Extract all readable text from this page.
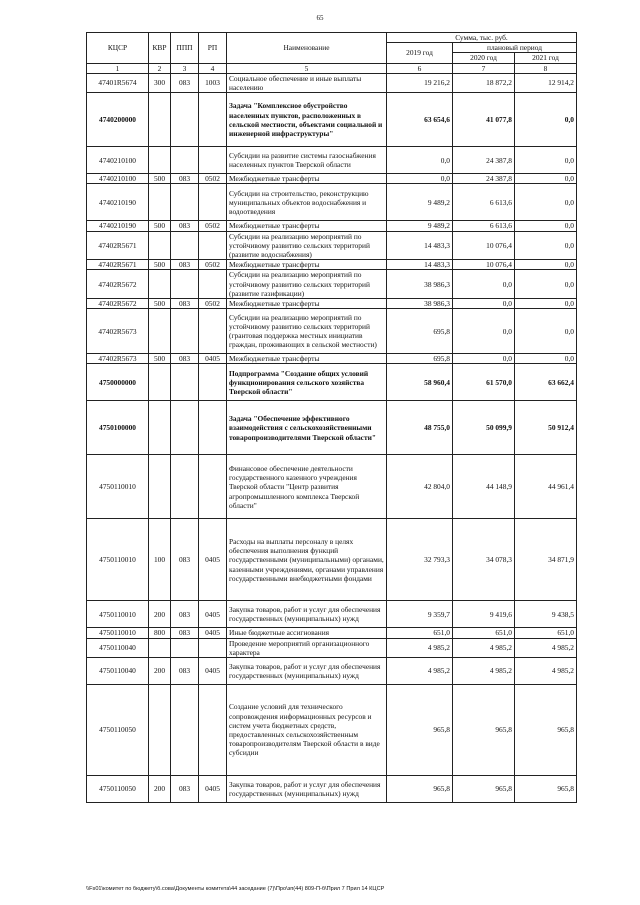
65
КЦСР	КВР	ППП	РП	Наименование	Сумма, тыс. руб.		
					2019 год	плановый период	
						2020 год	2021 год
1	2	3	4	5	6	7	8
47401R5674	300	083	1003	Социальное обеспечение и иные выплаты населению	19 216,2	18 872,2	12 914,2
4740200000				Задача "Комплексное обустройство населенных пунктов, расположенных в сельской местности, объектами социальной и инженерной инфраструктуры"	63 654,6	41 077,8	0,0
4740210100				Субсидии на развитие системы газоснабжения населенных пунктов Тверской области	0,0	24 387,8	0,0
4740210100	500	083	0502	Межбюджетные трансферты	0,0	24 387,8	0,0
4740210190				Субсидии на строительство, реконструкцию муниципальных объектов водоснабжения и водоотведения	9 489,2	6 613,6	0,0
4740210190	500	083	0502	Межбюджетные трансферты	9 489,2	6 613,6	0,0
47402R5671				Субсидии на реализацию мероприятий по устойчивому развитию сельских территорий (развитие водоснабжения)	14 483,3	10 076,4	0,0
47402R5671	500	083	0502	Межбюджетные трансферты	14 483,3	10 076,4	0,0
47402R5672				Субсидии на реализацию мероприятий по устойчивому развитию сельских территорий (развитие газификации)	38 986,3	0,0	0,0
47402R5672	500	083	0502	Межбюджетные трансферты	38 986,3	0,0	0,0
47402R5673				Субсидии на реализацию мероприятий по устойчивому развитию сельских территорий (грантовая поддержка местных инициатив граждан, проживающих в сельской местности)	695,8	0,0	0,0
47402R5673	500	083	0405	Межбюджетные трансферты	695,8	0,0	0,0
4750000000				Подпрограмма "Создание общих условий функционирования сельского хозяйства Тверской области"	58 960,4	61 570,0	63 662,4
4750100000				Задача "Обеспечение эффективного взаимодействия с сельскохозяйственными товаропроизводителями Тверской области"	48 755,0	50 099,9	50 912,4
4750110010				Финансовое обеспечение деятельности государственного казенного учреждения Тверской области "Центр развития агропромышленного комплекса Тверской области"	42 804,0	44 148,9	44 961,4
4750110010	100	083	0405	Расходы на выплаты персоналу в целях обеспечения выполнения функций государственными (муниципальными) органами, казенными учреждениями, органами управления государственными внебюджетными фондами	32 793,3	34 078,3	34 871,9
4750110010	200	083	0405	Закупка товаров, работ и услуг для обеспечения государственных (муниципальных) нужд	9 359,7	9 419,6	9 438,5
4750110010	800	083	0405	Иные бюджетные ассигнования	651,0	651,0	651,0
4750110040				Проведение мероприятий организационного характера	4 985,2	4 985,2	4 985,2
4750110040	200	083	0405	Закупка товаров, работ и услуг для обеспечения государственных (муниципальных) нужд	4 985,2	4 985,2	4 985,2
4750110050				Создание условий для технического сопровождения информационных ресурсов и систем учета бюджетных средств, предоставленных сельскохозяйственным товаропроизводителям Тверской области в виде субсидии	965,8	965,8	965,8
4750110050	200	083	0405	Закупка товаров, работ и услуг для обеспечения государственных (муниципальных) нужд	965,8	965,8	965,8
\\Fs01\комитет по бюджету\б.сова\Документы комитета\44 заседание (7)\Про\зп(44) 809-П-б\Прил 7 Прил 14 КЦСР
